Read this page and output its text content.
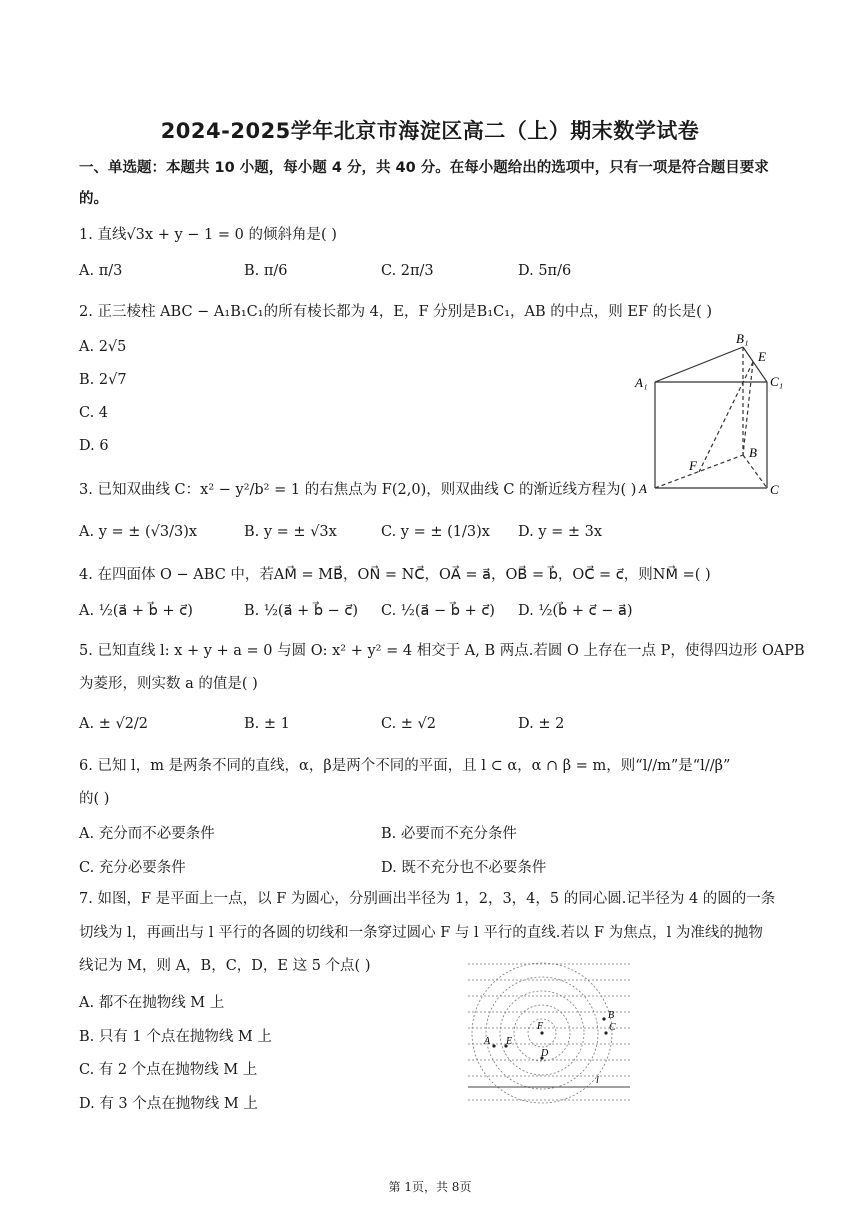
2024-2025学年北京市海淀区高二（上）期末数学试卷
一、单选题：本题共 10 小题，每小题 4 分，共 40 分。在每小题给出的选项中，只有一项是符合题目要求
的。
1. 直线√3x + y − 1 = 0 的倾斜角是( )
A. π/3	B. π/6	C. 2π/3	D. 5π/6
2. 正三棱柱 ABC − A₁B₁C₁的所有棱长都为 4，E，F 分别是B₁C₁，AB 的中点，则 EF 的长是( )
A. 2√5
B. 2√7
C. 4
D. 6
B₁
E
A₁	C₁
B
F
A	C
3. 已知双曲线 C：x² − y²/b² = 1 的右焦点为 F(2,0)，则双曲线 C 的渐近线方程为( )
A. y = ± (√3/3)x	B. y = ± √3x	C. y = ± (1/3)x D. y = ± 3x
4. 在四面体 O − ABC 中，若AM⃗ = MB⃗，ON⃗ = NC⃗，OA⃗ = a⃗，OB⃗ = b⃗，OC⃗ = c⃗，则NM⃗ =( )
A. ½(a⃗ + b⃗ + c⃗)	B. ½(a⃗ + b⃗ − c⃗) C. ½(a⃗ − b⃗ + c⃗) D. ½(b⃗ + c⃗ − a⃗)
5. 已知直线 l: x + y + a = 0 与圆 O: x² + y² = 4 相交于 A, B 两点.若圆 O 上存在一点 P，使得四边形 OAPB
为菱形，则实数 a 的值是( )
A. ± √2/2	B. ± 1	C. ± √2	D. ± 2
6. 已知 l，m 是两条不同的直线，α，β是两个不同的平面，且 l ⊂ α，α ∩ β = m，则“l//m”是“l//β”
的( )
A. 充分而不必要条件	B. 必要而不充分条件
C. 充分必要条件	D. 既不充分也不必要条件
7. 如图，F 是平面上一点，以 F 为圆心，分别画出半径为 1，2，3，4，5 的同心圆.记半径为 4 的圆的一条
切线为 l，再画出与 l 平行的各圆的切线和一条穿过圆心 F 与 l 平行的直线.若以 F 为焦点，l 为准线的抛物
线记为 M，则 A，B，C，D，E 这 5 个点( )
A. 都不在抛物线 M 上
B. 只有 1 个点在抛物线 M 上
C. 有 2 个点在抛物线 M 上
D. 有 3 个点在抛物线 M 上
F
B
C
A E
D
l
第 1页，共 8页
